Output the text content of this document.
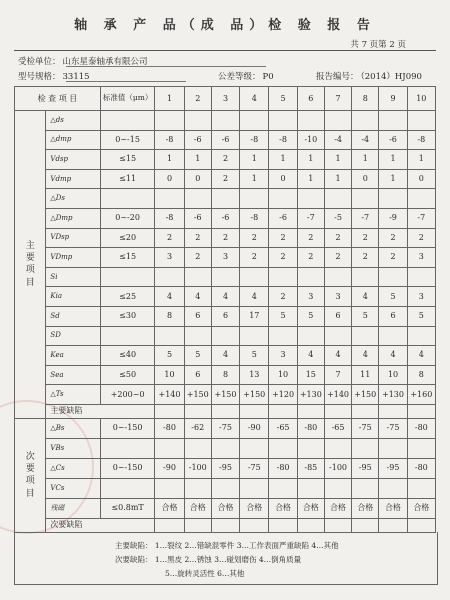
轴 承 产 品（成 品）检 验 报 告
共 7 页第 2 页
受检单位： 山东星泰轴承有限公司
型号规格： 33115	公差等级： P0	报告编号： （2014）HJ090
检 查 项 目		标准值（μm）	1	2	3	4	5	6	7	8	9	10
主要项目	△ds											
	△dmp	0~-15	-8	-6	-6	-8	-8	-10	-4	-4	-6	-8
	Vdsp	≤15	1	1	2	1	1	1	1	1	1	1
	Vdmp	≤11	0	0	2	1	0	1	1	0	1	0
	△Ds											
	△Dmp	0~-20	-8	-6	-6	-8	-6	-7	-5	-7	-9	-7
	VDsp	≤20	2	2	2	2	2	2	2	2	2	2
	VDmp	≤15	3	2	3	2	2	2	2	2	2	3
	Si											
	Kia	≤25	4	4	4	4	2	3	3	4	5	3
	Sd	≤30	8	6	6	17	5	5	6	5	6	5
	SD											
	Kea	≤40	5	5	4	5	3	4	4	4	4	4
	Sea	≤50	10	6	8	13	10	15	7	11	10	8
	△Ts	+200~0	+140	+150	+150	+150	+120	+130	+140	+150	+130	+160
	主要缺陷											
次要项目	△Bs	0~-150	-80	-62	-75	-90	-65	-80	-65	-75	-75	-80
	VBs											
	△Cs	0~-150	-90	-100	-95	-75	-80	-85	-100	-95	-95	-80
	VCs											
	残磁	≤0.8mT	合格	合格	合格	合格	合格	合格	合格	合格	合格	合格
	次要缺陷											
主要缺陷： 1…裂纹 2…错缺混零件 3…工作表面严重缺陷 4…其他
次要缺陷： 1…黑皮 2…锈蚀 3…碰划磨伤 4…倒角质量
5…旋转灵活性 6…其他
